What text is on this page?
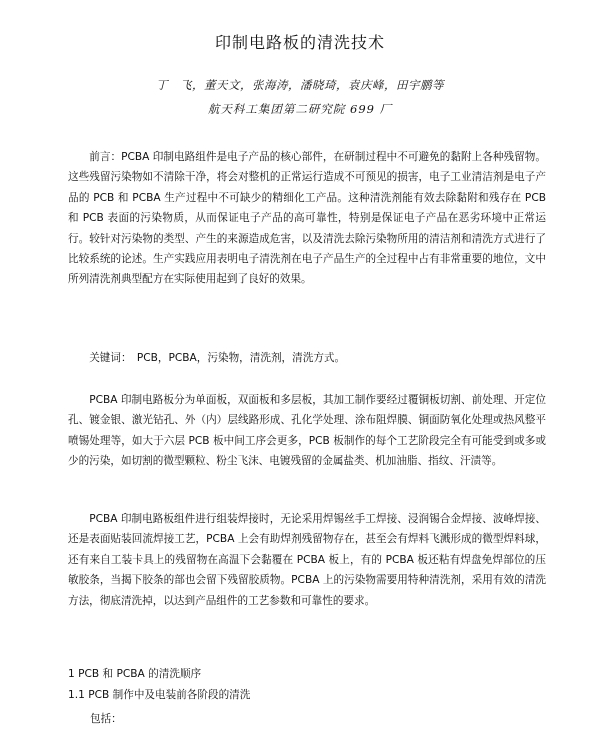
印制电路板的清洗技术
丁　飞，董天文，张海涛，潘晓琦，袁庆峰，田宇鹏等
航天科工集团第二研究院 699 厂

前言：PCBA 印制电路组件是电子产品的核心部件，在研制过程中不可避免的黏附上各种残留物。这些残留污染物如不清除干净，将会对整机的正常运行造成不可预见的损害，电子工业清洁剂是电子产品的 PCB 和 PCBA 生产过程中不可缺少的精细化工产品。这种清洗剂能有效去除黏附和残存在 PCB 和 PCB 表面的污染物质，从而保证电子产品的高可靠性，特别是保证电子产品在恶劣环境中正常运行。较针对污染物的类型、产生的来源造成危害，以及清洗去除污染物所用的清洁剂和清洗方式进行了比较系统的论述。生产实践应用表明电子清洗剂在电子产品生产的全过程中占有非常重要的地位，文中所列清洗剂典型配方在实际使用起到了良好的效果。

关键词：　PCB，PCBA，污染物，清洗剂，清洗方式。

PCBA 印制电路板分为单面板，双面板和多层板，其加工制作要经过覆铜板切割、前处理、开定位孔、镀金银、激光钻孔、外（内）层线路形成、孔化学处理、涂布阻焊膜、铜面防氧化处理或热风整平喷锡处理等，如大于六层 PCB 板中间工序会更多，PCB 板制作的每个工艺阶段完全有可能受到或多或少的污染，如切割的微型颗粒、粉尘飞沫、电镀残留的金属盐类、机加油脂、指纹、汗渍等。

PCBA 印制电路板组件进行组装焊接时，无论采用焊锡丝手工焊接、浸润锡合金焊接、波峰焊接、还是表面贴装回流焊接工艺，PCBA 上会有助焊剂残留物存在，甚至会有焊料飞溅形成的微型焊料球，还有来自工装卡具上的残留物在高温下会黏覆在 PCBA 板上，有的 PCBA 板还粘有焊盘免焊部位的压敏胶条，当揭下胶条的部也会留下残留胶质物。PCBA 上的污染物需要用特种清洗剂，采用有效的清洗方法，彻底清洗掉，以达到产品组件的工艺参数和可靠性的要求。

1 PCB 和 PCBA 的清洗顺序

1.1 PCB 制作中及电装前各阶段的清洗

包括：
